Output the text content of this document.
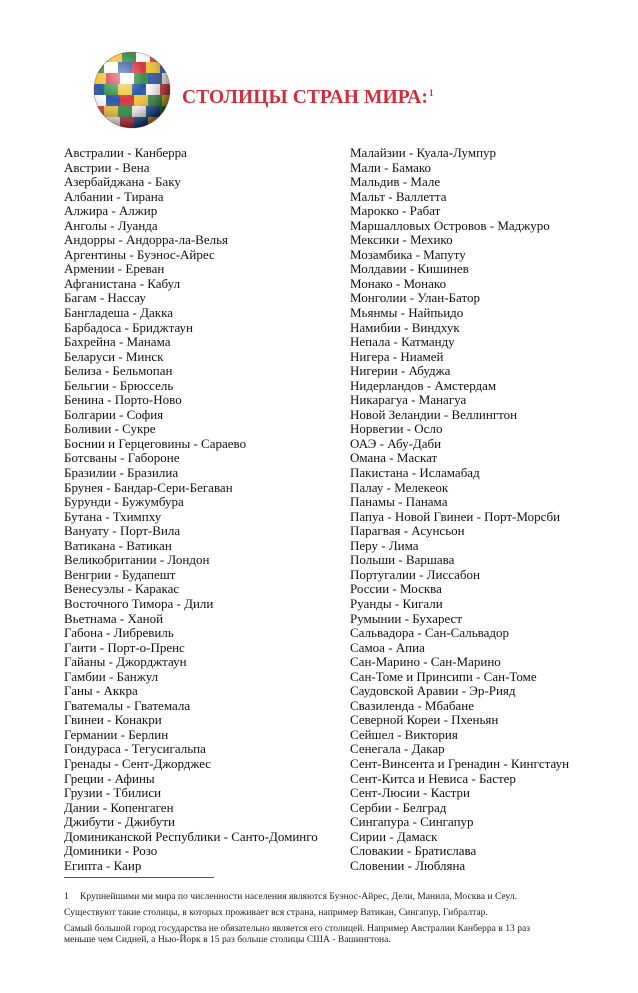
СТОЛИЦЫ СТРАН МИРА:$^1$
Австралии - Канберра
Австрии - Вена
Азербайджана - Баку
Албании - Тирана
Алжира - Алжир
Анголы - Луанда
Андорры - Андорра-ла-Велья
Аргентины - Буэнос-Айрес
Армении - Ереван
Афганистана - Кабул
Багам - Нассау
Бангладеша - Дакка
Барбадоса - Бриджтаун
Бахрейна - Манама
Беларуси - Минск
Белиза - Бельмопан
Бельгии - Брюссель
Бенина - Порто-Ново
Болгарии - София
Боливии - Сукре
Боснии и Герцеговины - Сараево
Ботсваны - Габороне
Бразилии - Бразилиа
Брунея - Бандар-Сери-Бегаван
Бурунди - Бужумбура
Бутана - Тхимпху
Вануату - Порт-Вила
Ватикана - Ватикан
Великобритании - Лондон
Венгрии - Будапешт
Венесуэлы - Каракас
Восточного Тимора - Дили
Вьетнама - Ханой
Габона - Либревиль
Гаити - Порт-о-Пренс
Гайаны - Джорджтаун
Гамбии - Банжул
Ганы - Аккра
Гватемалы - Гватемала
Гвинеи - Конакри
Германии - Берлин
Гондураса - Тегусигальпа
Гренады - Сент-Джорджес
Греции - Афины
Грузии - Тбилиси
Дании - Копенгаген
Джибути - Джибути
Доминиканской Республики - Санто-Доминго
Доминики - Розо
Египта - Каир
Малайзии - Куала-Лумпур
Мали - Бамако
Мальдив - Мале
Мальт - Валлетта
Марокко - Рабат
Маршалловых Островов - Маджуро
Мексики - Мехико
Мозамбика - Мапуту
Молдавии - Кишинев
Монако - Монако
Монголии - Улан-Батор
Мьянмы - Найпьидо
Намибии - Виндхук
Непала - Катманду
Нигера - Ниамей
Нигерии - Абуджа
Нидерландов - Амстердам
Никарагуа - Манагуа
Новой Зеландии - Веллингтон
Норвегии - Осло
ОАЭ - Абу-Даби
Омана - Маскат
Пакистана - Исламабад
Палау - Мелекеок
Панамы - Панама
Папуа - Новой Гвинеи - Порт-Морсби
Парагвая - Асунсьон
Перу - Лима
Польши - Варшава
Португалии - Лиссабон
России - Москва
Руанды - Кигали
Румынии - Бухарест
Сальвадора - Сан-Сальвадор
Самоа - Апиа
Сан-Марино - Сан-Марино
Сан-Томе и Принсипи - Сан-Томе
Саудовской Аравии - Эр-Рияд
Свазиленда - Мбабане
Северной Кореи - Пхеньян
Сейшел - Виктория
Сенегала - Дакар
Сент-Винсента и Гренадин - Кингстаун
Сент-Китса и Невиса - Бастер
Сент-Люсии - Кастри
Сербии - Белград
Сингапура - Сингапур
Сирии - Дамаск
Словакии - Братислава
Словении - Любляна
1 Крупнейшими ми мира по численности населения являются Буэнос-Айрес, Дели, Манила, Москва и Сеул.
Существуют такие столицы, в которых проживает вся страна, например Ватикан, Сингапур, Гибралтар.
Самый большой город государства не обязательно является его столицей. Например Австралии Канберра в 13 раз
меньше чем Сидней, а Нью-Йорк в 15 раз больше столицы США - Вашингтона.
